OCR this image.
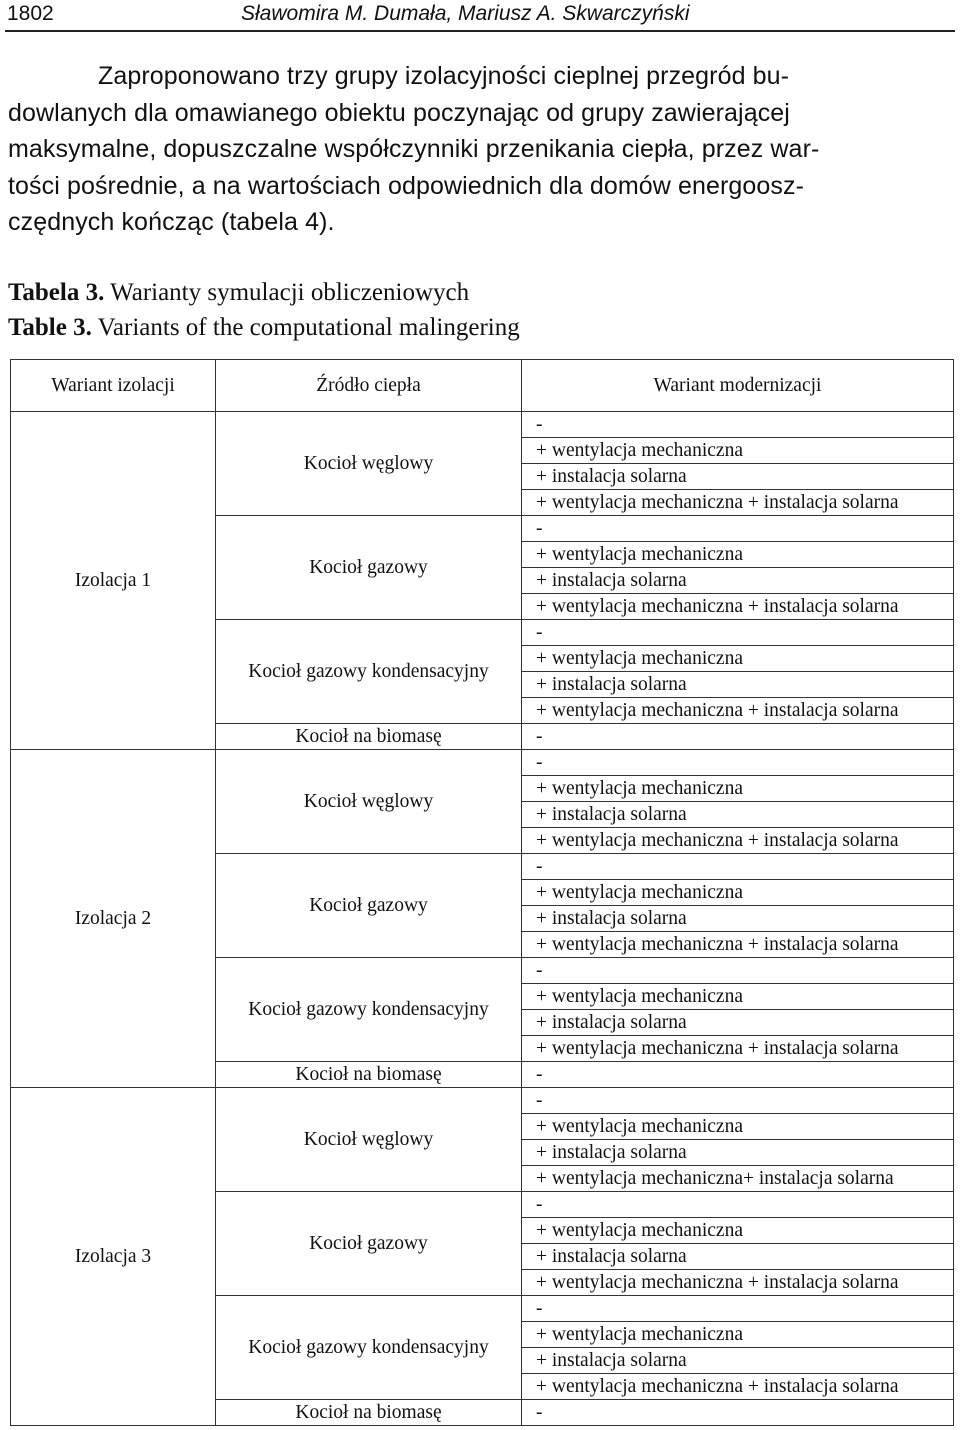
1802	Sławomira M. Dumała, Mariusz A. Skwarczyński
Zaproponowano trzy grupy izolacyjności cieplnej przegród bu-
dowlanych dla omawianego obiektu poczynając od grupy zawierającej
maksymalne, dopuszczalne współczynniki przenikania ciepła, przez war-
tości pośrednie, a na wartościach odpowiednich dla domów energoosz-
czędnych kończąc (tabela 4).
Tabela 3. Warianty symulacji obliczeniowych
Table 3. Variants of the computational malingering
Wariant izolacji	Źródło ciepła	Wariant modernizacji
Izolacja 1	Kocioł węglowy	-
		+ wentylacja mechaniczna
		+ instalacja solarna
		+ wentylacja mechaniczna + instalacja solarna
	Kocioł gazowy	-
		+ wentylacja mechaniczna
		+ instalacja solarna
		+ wentylacja mechaniczna + instalacja solarna
	Kocioł gazowy kondensacyjny	-
		+ wentylacja mechaniczna
		+ instalacja solarna
		+ wentylacja mechaniczna + instalacja solarna
	Kocioł na biomasę	-
Izolacja 2	Kocioł węglowy	-
		+ wentylacja mechaniczna
		+ instalacja solarna
		+ wentylacja mechaniczna + instalacja solarna
	Kocioł gazowy	-
		+ wentylacja mechaniczna
		+ instalacja solarna
		+ wentylacja mechaniczna + instalacja solarna
	Kocioł gazowy kondensacyjny	-
		+ wentylacja mechaniczna
		+ instalacja solarna
		+ wentylacja mechaniczna + instalacja solarna
	Kocioł na biomasę	-
Izolacja 3	Kocioł węglowy	-
		+ wentylacja mechaniczna
		+ instalacja solarna
		+ wentylacja mechaniczna+ instalacja solarna
	Kocioł gazowy	-
		+ wentylacja mechaniczna
		+ instalacja solarna
		+ wentylacja mechaniczna + instalacja solarna
	Kocioł gazowy kondensacyjny	-
		+ wentylacja mechaniczna
		+ instalacja solarna
		+ wentylacja mechaniczna + instalacja solarna
	Kocioł na biomasę	-
